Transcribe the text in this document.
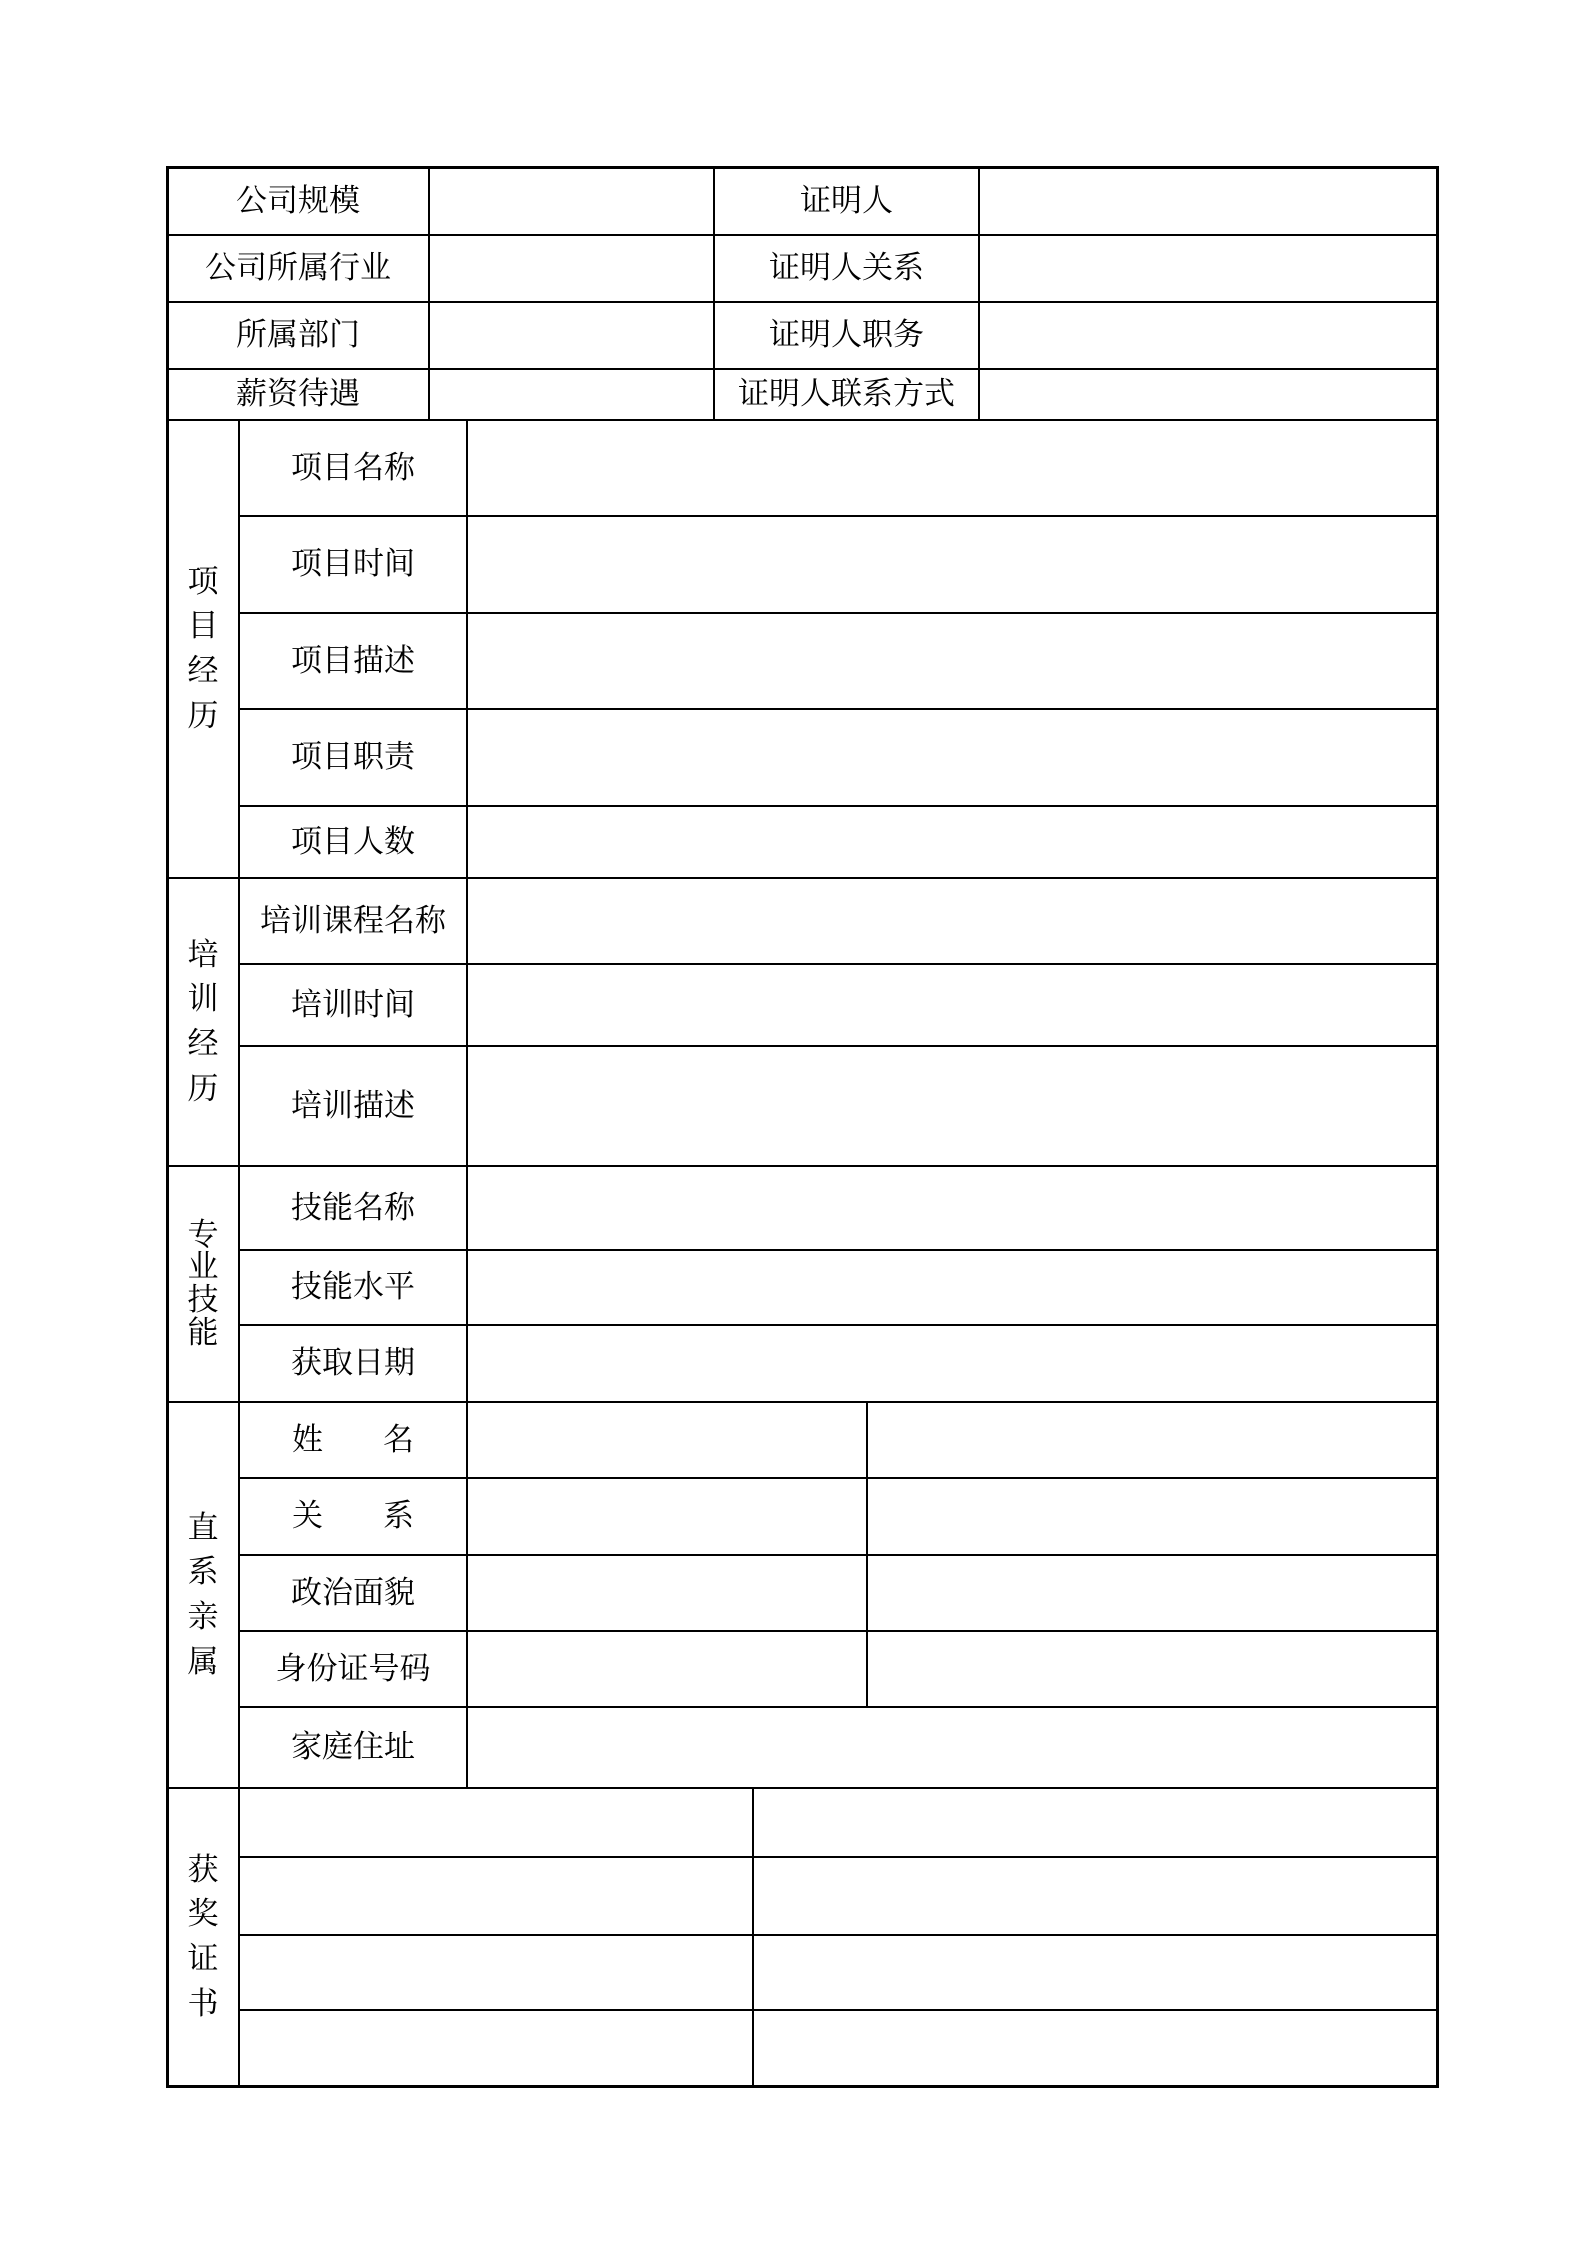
公司规模
公司所属行业
所属部门
薪资待遇
证明人
证明人关系
证明人职务
证明人联系方式
项
目
经
历
项目名称
项目时间
项目描述
项目职责
项目人数
培
训
经
历
培训课程名称
培训时间
培训描述
专
业
技
能
技能名称
技能水平
获取日期
直
系
亲
属
姓 名
关 系
政治面貌
身份证号码
家庭住址
获
奖
证
书
